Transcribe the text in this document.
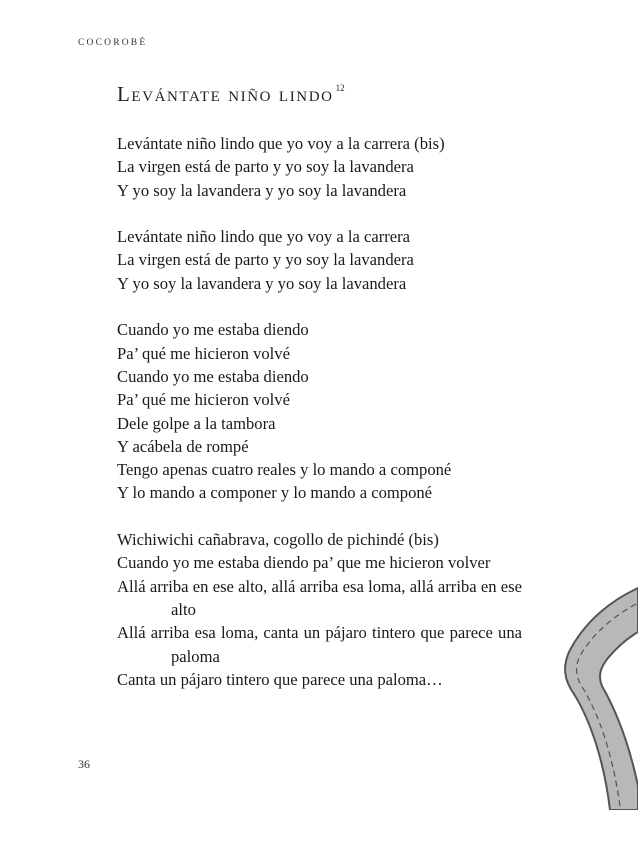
COCOROBÉ
Levántate niño lindo $^{12}$
Levántate niño lindo que yo voy a la carrera (bis)
La virgen está de parto y yo soy la lavandera
Y yo soy la lavandera y yo soy la lavandera
Levántate niño lindo que yo voy a la carrera
La virgen está de parto y yo soy la lavandera
Y yo soy la lavandera y yo soy la lavandera
Cuando yo me estaba diendo
Pa’ qué me hicieron volvé
Cuando yo me estaba diendo
Pa’ qué me hicieron volvé
Dele golpe a la tambora
Y acábela de rompé
Tengo apenas cuatro reales y lo mando a componé
Y lo mando a componer y lo mando a componé
Wichiwichi cañabrava, cogollo de pichindé (bis)
Cuando yo me estaba diendo pa’ que me hicieron volver
Allá arriba en ese alto, allá arriba esa loma, allá arriba en ese alto
Allá arriba esa loma, canta un pájaro tintero que parece una paloma
Canta un pájaro tintero que parece una paloma…
36
